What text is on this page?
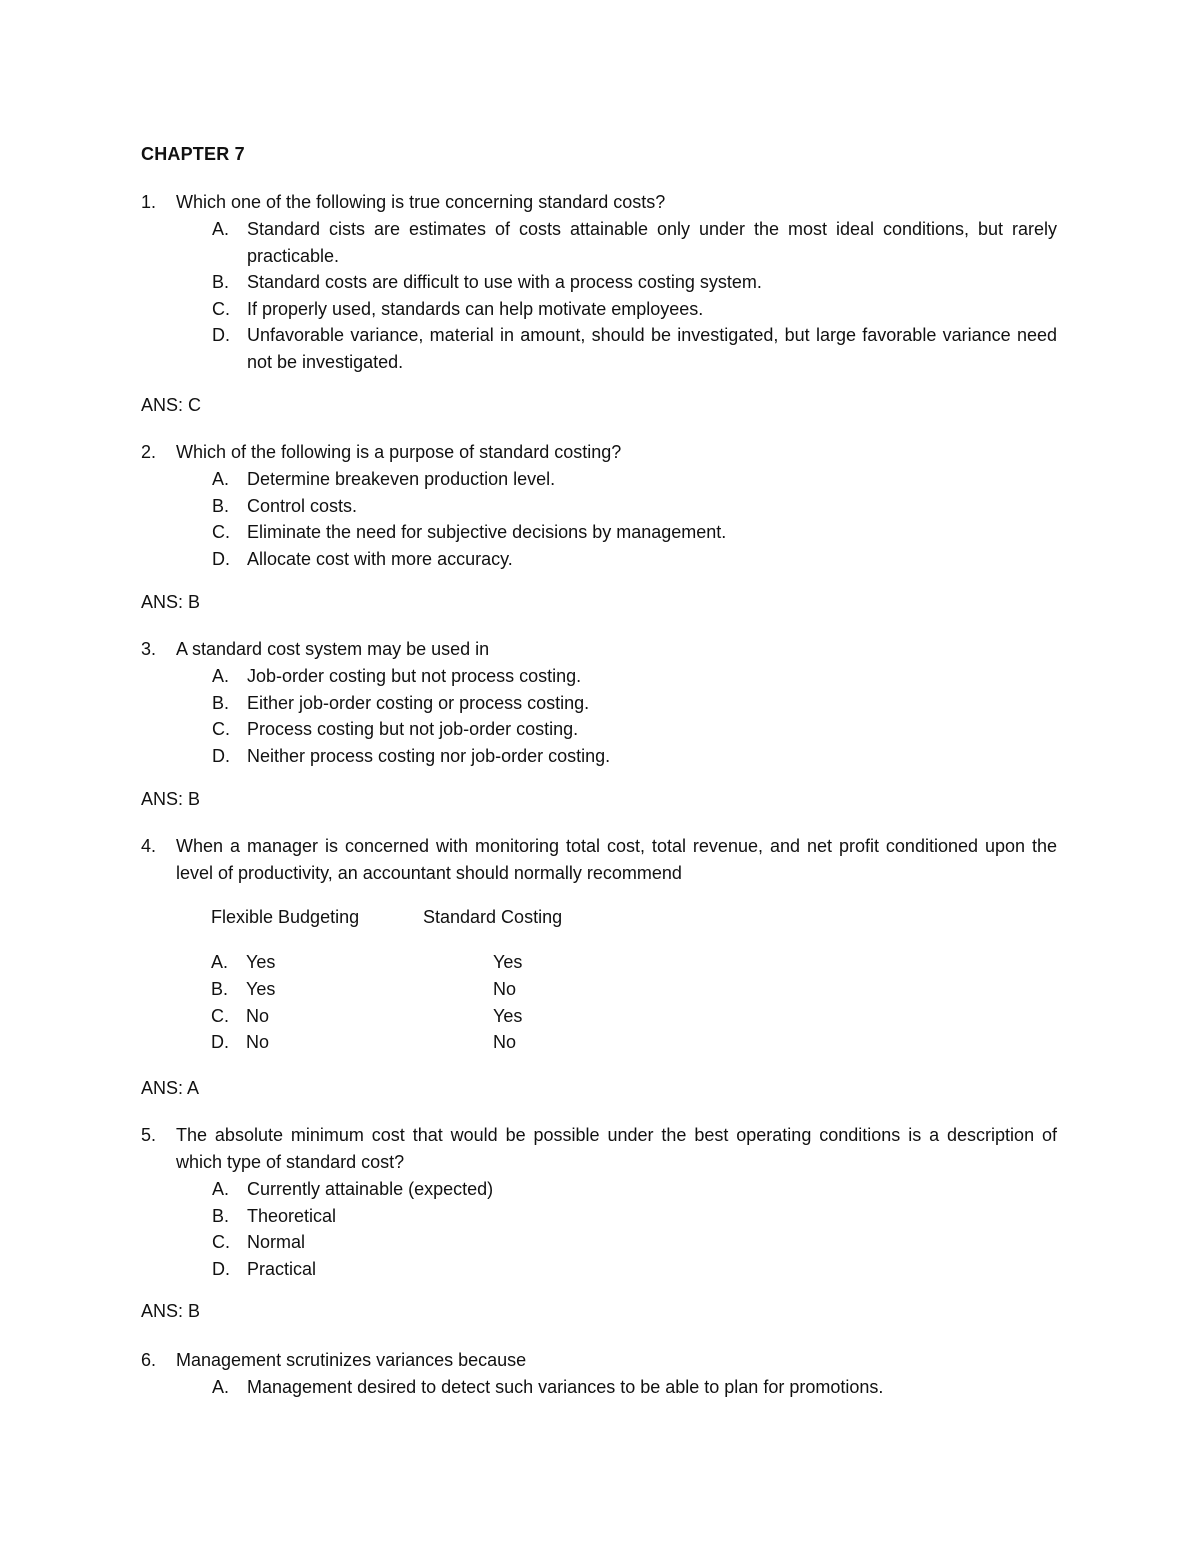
CHAPTER 7
1. Which one of the following is true concerning standard costs?
A. Standard cists are estimates of costs attainable only under the most ideal conditions, but rarely practicable.
B. Standard costs are difficult to use with a process costing system.
C. If properly used, standards can help motivate employees.
D. Unfavorable variance, material in amount, should be investigated, but large favorable variance need not be investigated.
ANS: C
2. Which of the following is a purpose of standard costing?
A. Determine breakeven production level.
B. Control costs.
C. Eliminate the need for subjective decisions by management.
D. Allocate cost with more accuracy.
ANS: B
3. A standard cost system may be used in
A. Job-order costing but not process costing.
B. Either job-order costing or process costing.
C. Process costing but not job-order costing.
D. Neither process costing nor job-order costing.
ANS: B
4. When a manager is concerned with monitoring total cost, total revenue, and net profit conditioned upon the level of productivity, an accountant should normally recommend
Flexible Budgeting	Standard Costing
A. Yes	Yes
B. Yes	No
C. No	Yes
D. No	No
ANS: A
5. The absolute minimum cost that would be possible under the best operating conditions is a description of which type of standard cost?
A. Currently attainable (expected)
B. Theoretical
C. Normal
D. Practical
ANS: B
6. Management scrutinizes variances because
A. Management desired to detect such variances to be able to plan for promotions.
